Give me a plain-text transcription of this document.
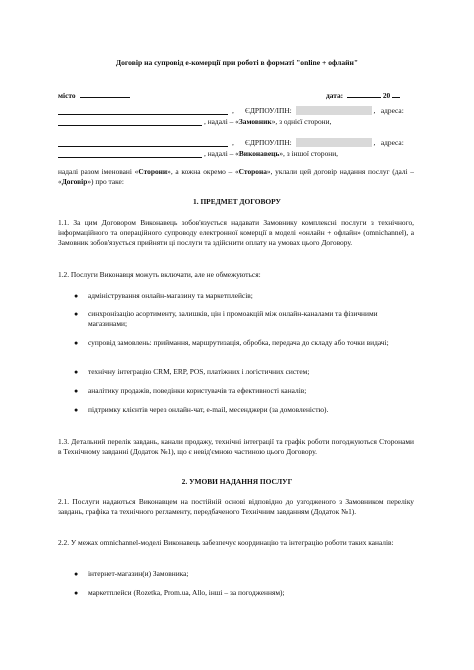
Договір на супровід e-комерції при роботі в форматі "online + офлайн"
місто	дата:	20
,      ЄДРПОУ/ІПН:	,   адреса:
, надалі – «Замовник», з однієї сторони,
,      ЄДРПОУ/ІПН:	,   адреса:
, надалі – «Виконавець», з іншої сторони,
надалі разом іменовані «Сторони», а кожна окремо – «Сторона», уклали цей договір надання послуг (далі – «Договір») про таке:
1. ПРЕДМЕТ ДОГОВОРУ
1.1. За цим Договором Виконавець зобов'язується надавати Замовнику комплексні послуги з технічного, інформаційного та операційного супроводу електронної комерції в моделі «онлайн + офлайн» (omnichannel), а Замовник зобов'язується прийняти ці послуги та здійснити оплату на умовах цього Договору.
1.2. Послуги Виконавця можуть включати, але не обмежуються:
●	адміністрування онлайн-магазину та маркетплейсів;
●	синхронізацію асортименту, залишків, цін і промоакцій між онлайн-каналами та фізичними магазинами;
●	супровід замовлень: приймання, маршрутизація, обробка, передача до складу або точки видачі;
●	технічну інтеграцію CRM, ERP, POS, платіжних і логістичних систем;
●	аналітику продажів, поведінки користувачів та ефективності каналів;
●	підтримку клієнтів через онлайн-чат, e-mail, месенджери (за домовленістю).
1.3. Детальний перелік завдань, канали продажу, технічні інтеграції та графік роботи погоджуються Сторонами в Технічному завданні (Додаток №1), що є невід'ємною частиною цього Договору.
2. УМОВИ НАДАННЯ ПОСЛУГ
2.1. Послуги надаються Виконавцем на постійній основі відповідно до узгодженого з Замовником переліку завдань, графіка та технічного регламенту, передбаченого Технічним завданням (Додаток №1).
2.2. У межах omnichannel-моделі Виконавець забезпечує координацію та інтеграцію роботи таких каналів:
●	інтернет-магазин(и) Замовника;
●	маркетплейси (Rozetka, Prom.ua, Allo, інші – за погодженням);
